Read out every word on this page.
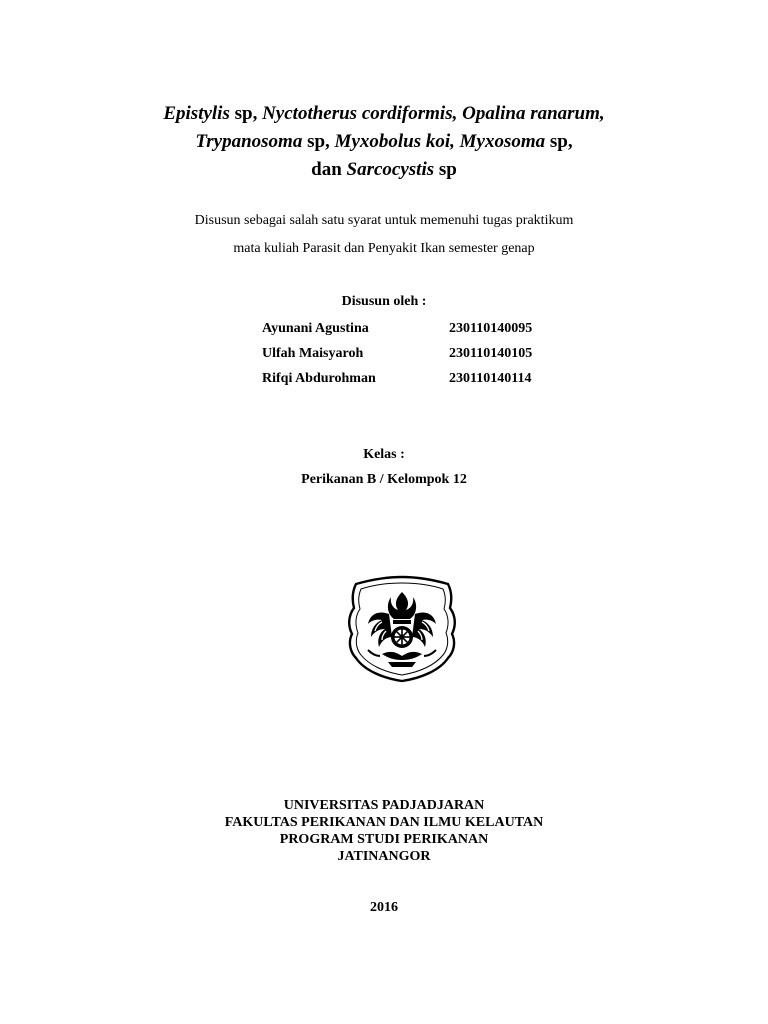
Epistylis sp, Nyctotherus cordiformis, Opalina ranarum,
Trypanosoma sp, Myxobolus koi, Myxosoma sp,
dan Sarcocystis sp
Disusun sebagai salah satu syarat untuk memenuhi tugas praktikum
mata kuliah Parasit dan Penyakit Ikan semester genap
Disusun oleh :
Ayunani Agustina	230110140095
Ulfah Maisyaroh	230110140105
Rifqi Abdurohman	230110140114
Kelas :
Perikanan B / Kelompok 12
UNIVERSITAS PADJADJARAN
FAKULTAS PERIKANAN DAN ILMU KELAUTAN
PROGRAM STUDI PERIKANAN
JATINANGOR
2016
